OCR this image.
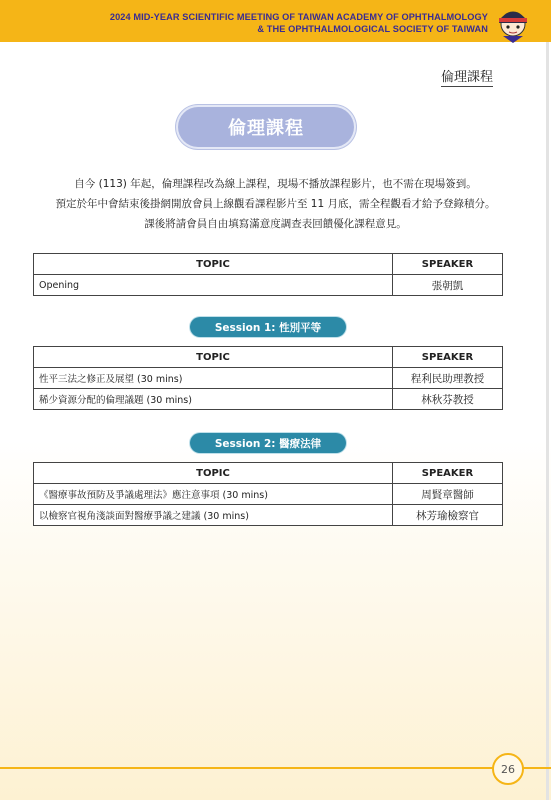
2024 MID-YEAR SCIENTIFIC MEETING OF TAIWAN ACADEMY OF OPHTHALMOLOGY
& THE OPHTHALMOLOGICAL SOCIETY OF TAIWAN
倫理課程
倫理課程
自今 (113) 年起，倫理課程改為線上課程，現場不播放課程影片，也不需在現場簽到。
預定於年中會結束後掛網開放會員上線觀看課程影片至 11 月底，需全程觀看才給予登錄積分。
課後將請會員自由填寫滿意度調查表回饋優化課程意見。
TOPIC	SPEAKER
Opening	張朝凱
Session 1: 性別平等
TOPIC	SPEAKER
性平三法之修正及展望 (30 mins)	程利民助理教授
稀少資源分配的倫理議題 (30 mins)	林秋芬教授
Session 2: 醫療法律
TOPIC	SPEAKER
《醫療事故預防及爭議處理法》應注意事項 (30 mins)	周賢章醫師
以檢察官視角淺談面對醫療爭議之建議 (30 mins)	林芳瑜檢察官
26
